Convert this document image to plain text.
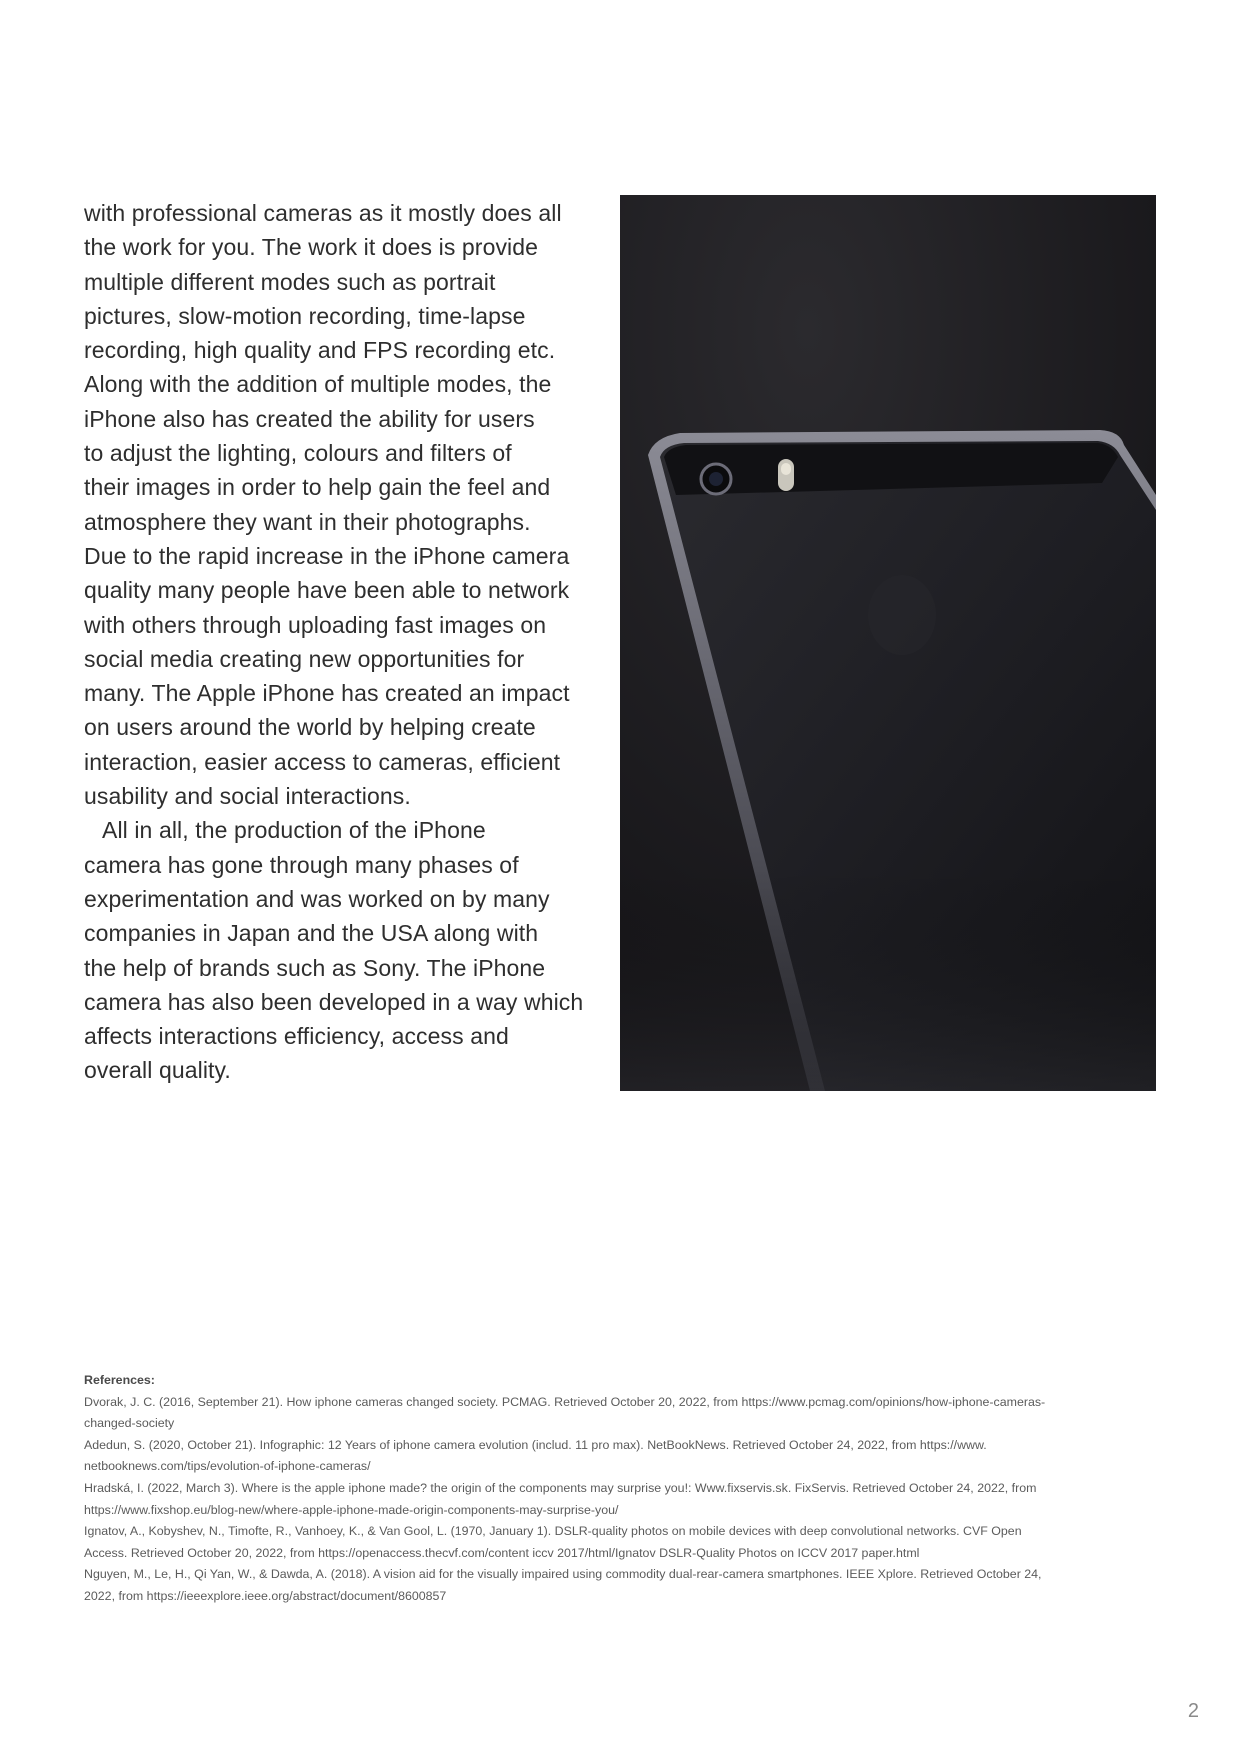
with professional cameras as it mostly does all
the work for you. The work it does is provide
multiple different modes such as portrait
pictures, slow-motion recording, time-lapse
recording, high quality and FPS recording etc.
Along with the addition of multiple modes, the
iPhone also has created the ability for users
to adjust the lighting, colours and filters of
their images in order to help gain the feel and
atmosphere they want in their photographs.
Due to the rapid increase in the iPhone camera
quality many people have been able to network
with others through uploading fast images on
social media creating new opportunities for
many. The Apple iPhone has created an impact
on users around the world by helping create
interaction, easier access to cameras, efficient
usability and social interactions.
All in all, the production of the iPhone
camera has gone through many phases of
experimentation and was worked on by many
companies in Japan and the USA along with
the help of brands such as Sony. The iPhone
camera has also been developed in a way which
affects interactions efficiency, access and
overall quality.
References:
Dvorak, J. C. (2016, September 21). How iphone cameras changed society. PCMAG. Retrieved October 20, 2022, from https://www.pcmag.com/opinions/how-iphone-cameras-
changed-society
Adedun, S. (2020, October 21). Infographic: 12 Years of iphone camera evolution (includ. 11 pro max). NetBookNews. Retrieved October 24, 2022, from https://www.
netbooknews.com/tips/evolution-of-iphone-cameras/
Hradská, I. (2022, March 3). Where is the apple iphone made? the origin of the components may surprise you!: Www.fixservis.sk. FixServis. Retrieved October 24, 2022, from
https://www.fixshop.eu/blog-new/where-apple-iphone-made-origin-components-may-surprise-you/
Ignatov, A., Kobyshev, N., Timofte, R., Vanhoey, K., & Van Gool, L. (1970, January 1). DSLR-quality photos on mobile devices with deep convolutional networks. CVF Open
Access. Retrieved October 20, 2022, from https://openaccess.thecvf.com/content iccv 2017/html/Ignatov DSLR-Quality Photos on ICCV 2017 paper.html
Nguyen, M., Le, H., Qi Yan, W., & Dawda, A. (2018). A vision aid for the visually impaired using commodity dual-rear-camera smartphones. IEEE Xplore. Retrieved October 24,
2022, from https://ieeexplore.ieee.org/abstract/document/8600857
2
